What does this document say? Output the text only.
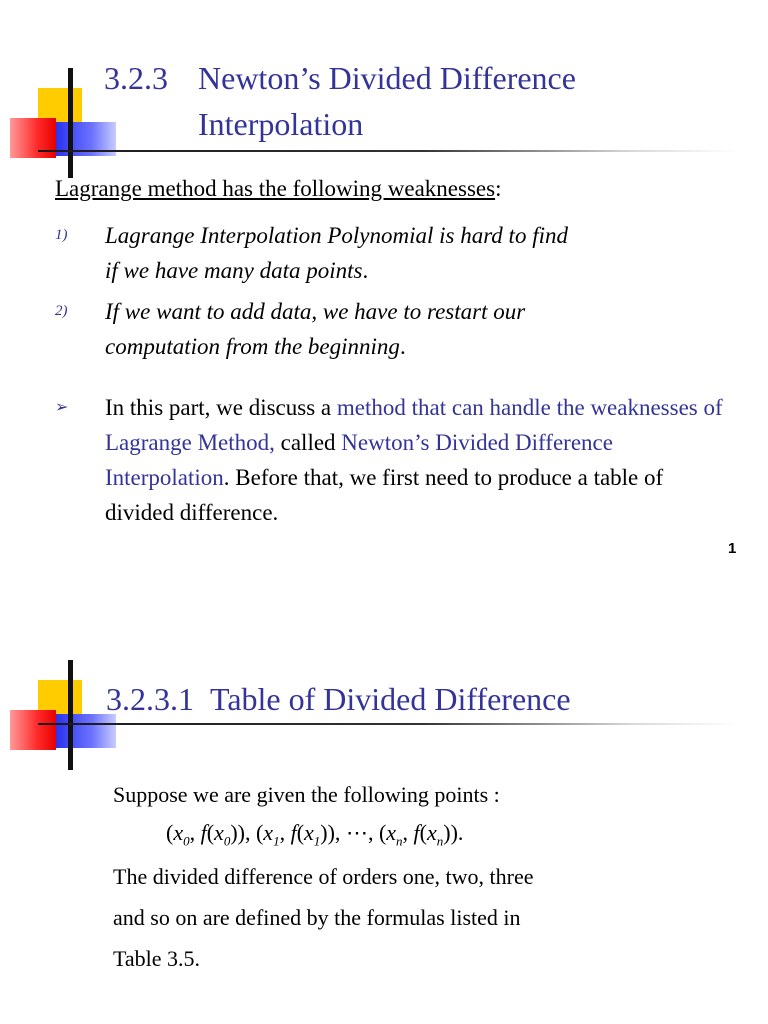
3.2.3 Newton’s Divided Difference
Interpolation
Lagrange method has the following weaknesses:
1) Lagrange Interpolation Polynomial is hard to find
if we have many data points.
2) If we want to add data, we have to restart our
computation from the beginning.
➢ In this part, we discuss a method that can handle the weaknesses of Lagrange Method, called Newton’s Divided Difference Interpolation. Before that, we first need to produce a table of divided difference.
1
3.2.3.1 Table of Divided Difference
Suppose we are given the following points :
($x_0$, $f(x_0)$), ($x_1$, $f(x_1)$), ⋯, ($x_n$, $f(x_n)$).
The divided difference of orders one, two, three
and so on are defined by the formulas listed in
Table 3.5.
